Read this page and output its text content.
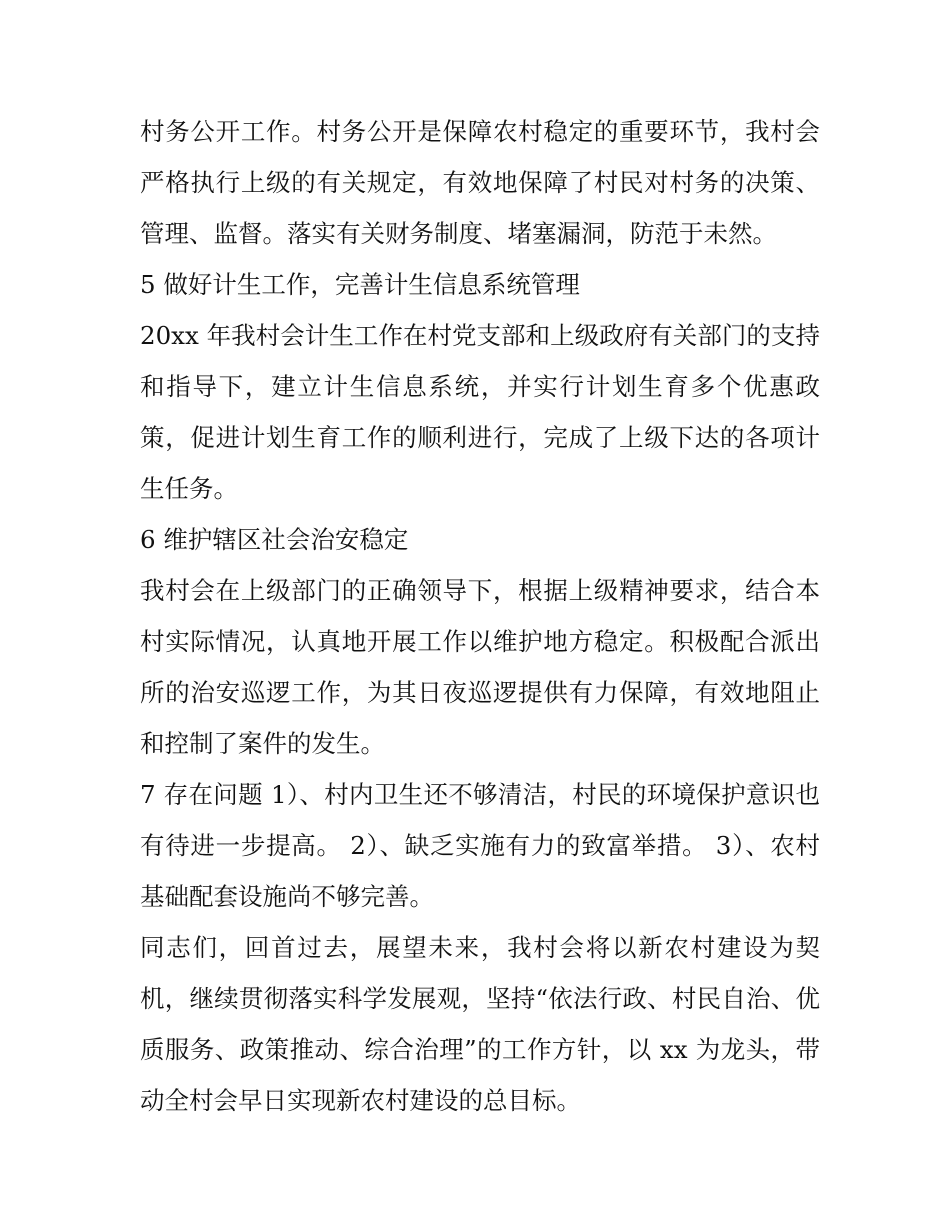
村务公开工作。村务公开是保障农村稳定的重要环节，我村会严格执行上级的有关规定，有效地保障了村民对村务的决策、管理、监督。落实有关财务制度、堵塞漏洞，防范于未然。

5 做好计生工作，完善计生信息系统管理

20xx 年我村会计生工作在村党支部和上级政府有关部门的支持和指导下，建立计生信息系统，并实行计划生育多个优惠政策，促进计划生育工作的顺利进行，完成了上级下达的各项计生任务。

6 维护辖区社会治安稳定

我村会在上级部门的正确领导下，根据上级精神要求，结合本村实际情况，认真地开展工作以维护地方稳定。积极配合派出所的治安巡逻工作，为其日夜巡逻提供有力保障，有效地阻止和控制了案件的发生。

7 存在问题 1）、村内卫生还不够清洁，村民的环境保护意识也有待进一步提高。 2）、缺乏实施有力的致富举措。 3）、农村基础配套设施尚不够完善。

同志们，回首过去，展望未来，我村会将以新农村建设为契机，继续贯彻落实科学发展观，坚持“依法行政、村民自治、优质服务、政策推动、综合治理”的工作方针，以 xx 为龙头，带动全村会早日实现新农村建设的总目标。
